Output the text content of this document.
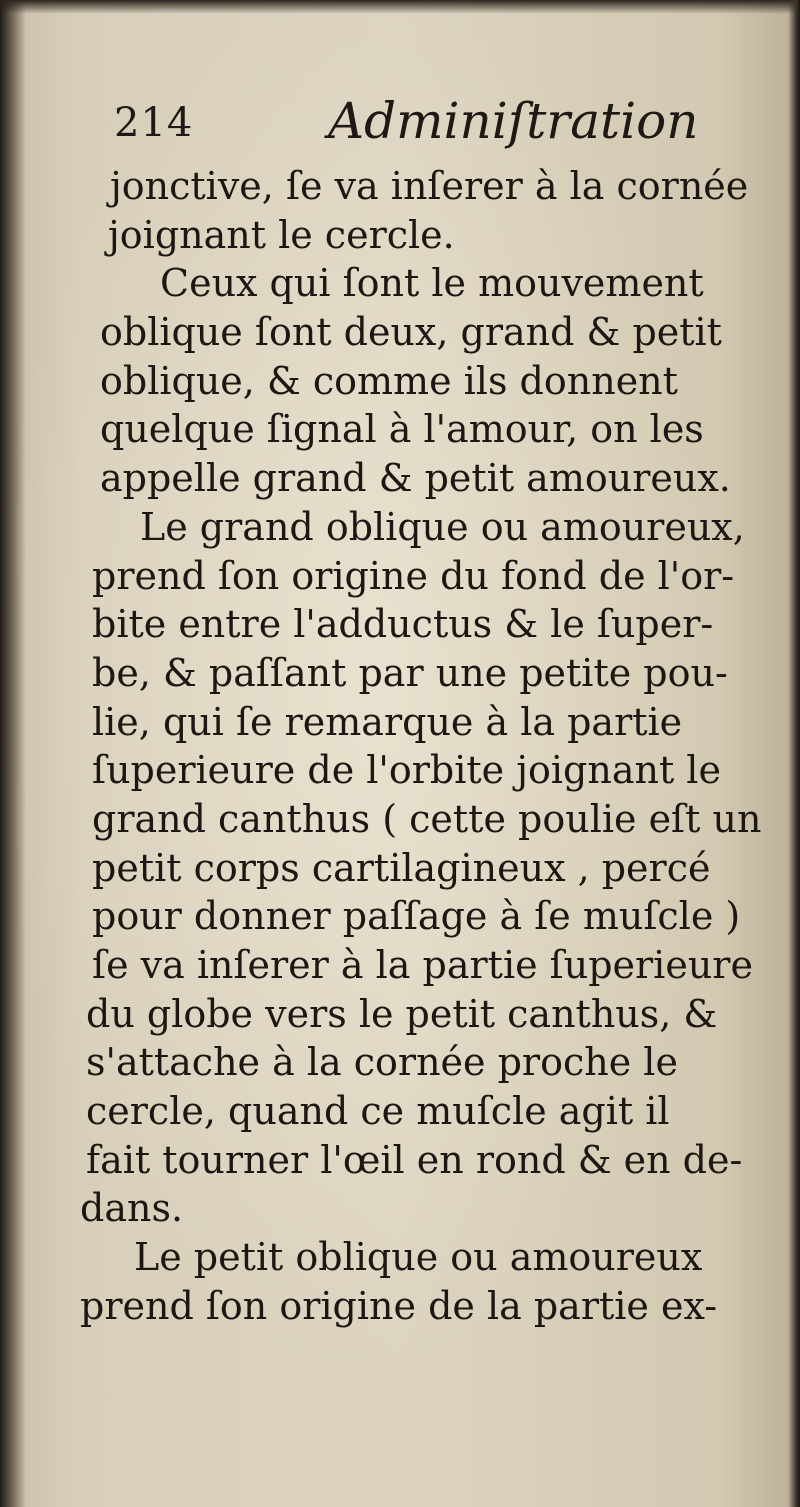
214	Adminiſtration
jonctive, ſe va inſerer à la cornée
joignant le cercle.
Ceux qui ſont le mouvement
oblique ſont deux, grand & petit
oblique, & comme ils donnent
quelque ſignal à l'amour, on les
appelle grand & petit amoureux.
Le grand oblique ou amoureux,
prend ſon origine du fond de l'or-
bite entre l'adductus & le ſuper-
be, & paſſant par une petite pou-
lie, qui ſe remarque à la partie
ſuperieure de l'orbite joignant le
grand canthus ( cette poulie eſt un
petit corps cartilagineux , percé
pour donner paſſage à ſe muſcle )
ſe va inſerer à la partie ſuperieure
du globe vers le petit canthus, &
s'attache à la cornée proche le
cercle, quand ce muſcle agit il
fait tourner l'œil en rond & en de-
dans.
Le petit oblique ou amoureux
prend ſon origine de la partie ex-
